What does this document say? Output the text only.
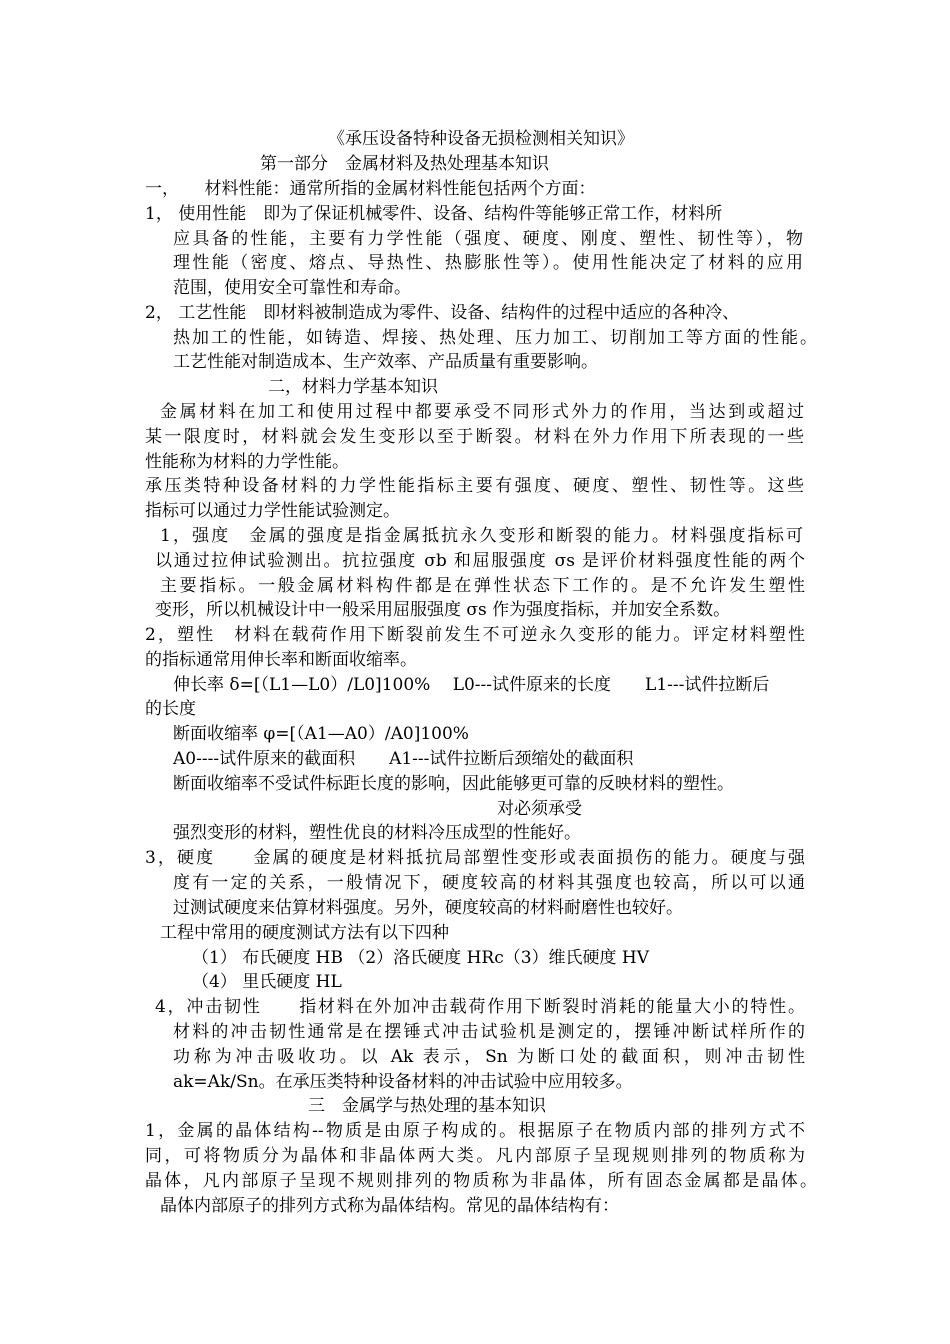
《承压设备特种设备无损检测相关知识》
第一部分　金属材料及热处理基本知识
一，　　材料性能：通常所指的金属材料性能包括两个方面：
1， 使用性能　即为了保证机械零件、设备、结构件等能够正常工作，材料所
应具备的性能，主要有力学性能（强度、硬度、刚度、塑性、韧性等），物
理性能（密度、熔点、导热性、热膨胀性等）。使用性能决定了材料的应用
范围，使用安全可靠性和寿命。
2， 工艺性能　即材料被制造成为零件、设备、结构件的过程中适应的各种冷、
热加工的性能，如铸造、焊接、热处理、压力加工、切削加工等方面的性能。
工艺性能对制造成本、生产效率、产品质量有重要影响。
二，材料力学基本知识
金属材料在加工和使用过程中都要承受不同形式外力的作用，当达到或超过
某一限度时，材料就会发生变形以至于断裂。材料在外力作用下所表现的一些
性能称为材料的力学性能。
承压类特种设备材料的力学性能指标主要有强度、硬度、塑性、韧性等。这些
指标可以通过力学性能试验测定。
1，强度　金属的强度是指金属抵抗永久变形和断裂的能力。材料强度指标可
以通过拉伸试验测出。抗拉强度 σb 和屈服强度 σs 是评价材料强度性能的两个
主要指标。一般金属材料构件都是在弹性状态下工作的。是不允许发生塑性
变形，所以机械设计中一般采用屈服强度 σs 作为强度指标，并加安全系数。
2，塑性　材料在载荷作用下断裂前发生不可逆永久变形的能力。评定材料塑性
的指标通常用伸长率和断面收缩率。
伸长率 δ=[（L1—L0）/L0]100%　 L0---试件原来的长度　　L1---试件拉断后
的长度
断面收缩率 φ=[（A1—A0）/A0]100%
A0----试件原来的截面积　　A1---试件拉断后颈缩处的截面积
断面收缩率不受试件标距长度的影响，因此能够更可靠的反映材料的塑性。
对必须承受
强烈变形的材料，塑性优良的材料冷压成型的性能好。
3，硬度　　金属的硬度是材料抵抗局部塑性变形或表面损伤的能力。硬度与强
度有一定的关系，一般情况下，硬度较高的材料其强度也较高，所以可以通
过测试硬度来估算材料强度。另外，硬度较高的材料耐磨性也较好。
工程中常用的硬度测试方法有以下四种
（1） 布氏硬度 HB （2）洛氏硬度 HRc（3）维氏硬度 HV
（4） 里氏硬度 HL
4，冲击韧性　　指材料在外加冲击载荷作用下断裂时消耗的能量大小的特性。
材料的冲击韧性通常是在摆锤式冲击试验机是测定的，摆锤冲断试样所作的
功称为冲击吸收功。以 Ak 表示，Sn 为断口处的截面积，则冲击韧性
ak=Ak/Sn。在承压类特种设备材料的冲击试验中应用较多。
三　金属学与热处理的基本知识
1，金属的晶体结构--物质是由原子构成的。根据原子在物质内部的排列方式不
同，可将物质分为晶体和非晶体两大类。凡内部原子呈现规则排列的物质称为
晶体，凡内部原子呈现不规则排列的物质称为非晶体，所有固态金属都是晶体。
晶体内部原子的排列方式称为晶体结构。常见的晶体结构有：
